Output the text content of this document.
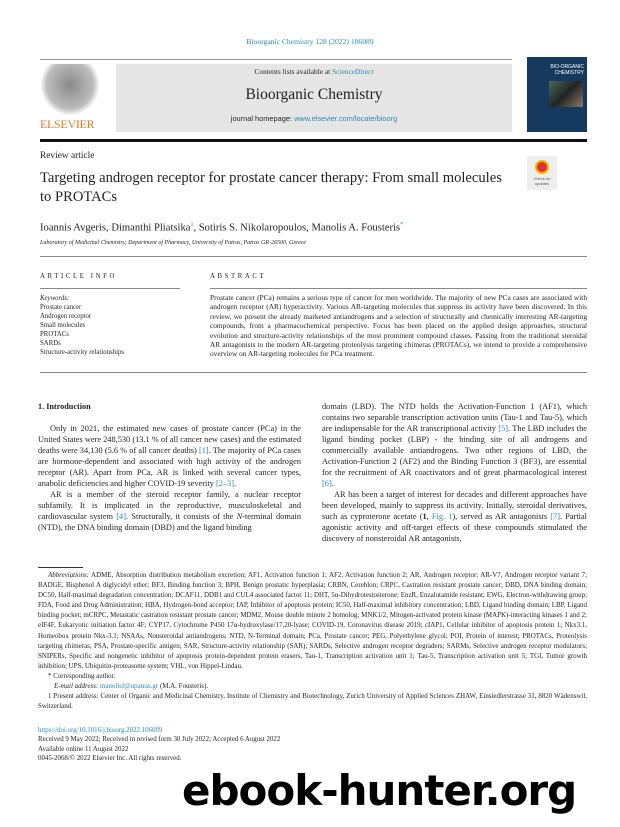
Bioorganic Chemistry 128 (2022) 106089
ELSEVIER
Contents lists available at ScienceDirect
Bioorganic Chemistry
journal homepage: www.elsevier.com/locate/bioorg
BIO-ORGANIC CHEMISTRY
Review article
Targeting androgen receptor for prostate cancer therapy: From small molecules to PROTACs
Check for updates
Ioannis Avgeris, Dimanthi Pliatsika$^1$, Sotiris S. Nikolaropoulos, Manolis A. Fousteris*
Laboratory of Medicinal Chemistry, Department of Pharmacy, University of Patras, Patras GR-26500, Greece
ARTICLE INFO	ABSTRACT
Keywords:
Prostate cancer
Androgen receptor
Small molecules
PROTACs
SARDs
Structure-activity relationships
Prostate cancer (PCa) remains a serious type of cancer for men worldwide. The majority of new PCa cases are associated with androgen receptor (AR) hyperactivity. Various AR-targeting molecules that suppress its activity have been discovered. In this review, we present the already marketed antiandrogens and a selection of structurally and chemically interesting AR-targeting compounds, from a pharmacochemical perspective. Focus has been placed on the applied design approaches, structural evolution and structure-activity relationships of the most prominent compound classes. Passing from the traditional steroidal AR antagonists to the modern AR-targeting proteolysis targeting chimeras (PROTACs), we intend to provide a comprehensive overview on AR-targeting molecules for PCa treatment.
1. Introduction

Only in 2021, the estimated new cases of prostate cancer (PCa) in the United States were 248,530 (13.1 % of all cancer new cases) and the estimated deaths were 34,130 (5.6 % of all cancer deaths) [1]. The majority of PCa cases are hormone-dependent and associated with high activity of the androgen receptor (AR). Apart from PCa, AR is linked with several cancer types, anabolic deficiencies and higher COVID-19 severity [2–3].

AR is a member of the steroid receptor family, a nuclear receptor subfamily. It is implicated in the reproductive, musculoskeletal and cardiovascular system [4]. Structurally, it consists of the N-terminal domain (NTD), the DNA binding domain (DBD) and the ligand binding

domain (LBD). The NTD holds the Activation-Function 1 (AF1), which contains two separable transcription activation units (Tau-1 and Tau-5), which are indispensable for the AR transcriptional activity [5]. The LBD includes the ligand binding pocket (LBP) - the binding site of all androgens and commercially available antiandrogens. Two other regions of LBD, the Activation-Function 2 (AF2) and the Binding Function 3 (BF3), are essential for the recruitment of AR coactivators and of great pharmacological interest [6].

AR has been a target of interest for decades and different approaches have been developed, mainly to suppress its activity. Initially, steroidal derivatives, such as cyproterone acetate (1, Fig. 1), served as AR antagonists [7]. Partial agonistic activity and off-target effects of these compounds stimulated the discovery of nonsteroidal AR antagonists,

Abbreviations: ADME, Absorption distribution metabolism excretion; AF1, Activation function 1; AF2, Activation function 2; AR, Androgen receptor; AR-V7, Androgen receptor variant 7; BADGE, Bisphenol A diglycidyl ether; BF3, Binding function 3; BPH, Benign prostatic hyperplasia; CRBN, Cereblon; CRPC, Castration resistant prostate cancer; DBD, DNA binding domain; DC50, Half-maximal degradation concentration; DCAF11, DDB1 and CUL4 associated factor 11; DHT, 5α-Dihydrotestosterone; EnzR, Enzalutamide resistant; EWG, Electron-withdrawing group; FDA, Food and Drug Administration; HBA, Hydrogen-bond acceptor; IAP, Inhibitor of apoptosis protein; IC50, Half-maximal inhibitory concentration; LBD, Ligand binding domain; LBP, Ligand binding pocket; mCRPC, Metastatic castration resistant prostate cancer; MDM2, Mouse double minute 2 homolog; MNK1/2, Mitogen-activated protein kinase (MAPK)-interacting kinases 1 and 2; eIF4F, Eukaryotic initiation factor 4F; CYP17, Cytochrome P450 17α-hydroxylase/17,20-lyase; COVID-19, Coronavirus disease 2019; cIAP1, Cellular inhibitor of apoptosis protein 1; Nkx3.1, Homeobox protein Nkx-3.1; NSAAs, Nonsteroidal antiandrogens; NTD, N-Terminal domain; PCa, Prostate cancer; PEG, Polyethylene glycol; POI, Protein of interest; PROTACs, Proteolysis targeting chimeras; PSA, Prostate-specific antigen; SAR, Structure-activity relationship (SAR); SARDs, Selective androgen receptor degraders; SARMs, Selective androgen receptor modulators; SNIPERs, Specific and nongenetic inhibitor of apoptosis protein-dependent protein erasers, Tau-1, Transcription activation unit 1; Tau-5, Transcription activation unit 5; TGI, Tumor growth inhibition; UPS, Ubiquitin-proteasome system; VHL, von Hippel-Lindau.

* Corresponding author.

E-mail address: manolisf@upatras.gr (M.A. Fousteris).

1 Present address: Center of Organic and Medicinal Chemistry, Institute of Chemistry and Biotechnology, Zurich University of Applied Sciences ZHAW, Einsiedlerstrasse 31, 8820 Wädenswil, Switzerland.

https://doi.org/10.1016/j.bioorg.2022.106089
Received 9 May 2022; Received in revised form 30 July 2022; Accepted 6 August 2022
Available online 11 August 2022
0045-2068/© 2022 Elsevier Inc. All rights reserved.
ebook-hunter.org
